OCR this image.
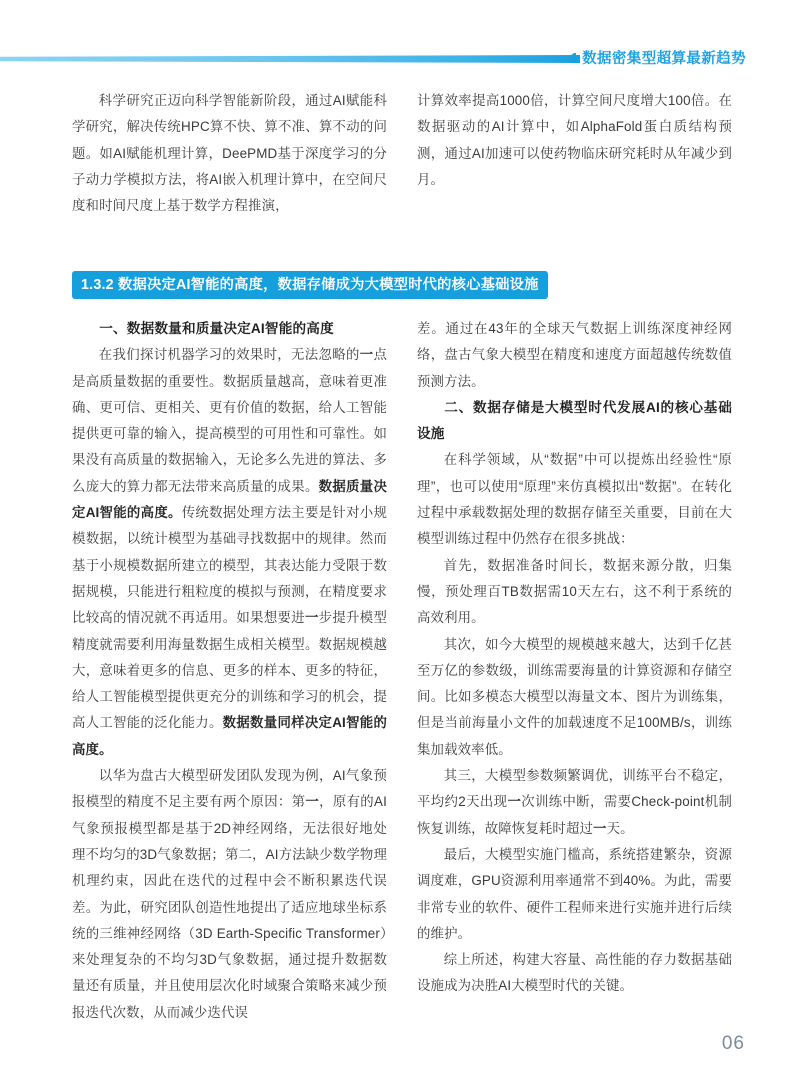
1 数据密集型超算最新趋势

科学研究正迈向科学智能新阶段，通过AI赋能科学研究，解决传统HPC算不快、算不准、算不动的问题。如AI赋能机理计算，DeePMD基于深度学习的分子动力学模拟方法，将AI嵌入机理计算中，在空间尺度和时间尺度上基于数学方程推演，

计算效率提高1000倍，计算空间尺度增大100倍。在数据驱动的AI计算中，如AlphaFold蛋白质结构预测，通过AI加速可以使药物临床研究耗时从年减少到月。

1.3.2 数据决定AI智能的高度，数据存储成为大模型时代的核心基础设施

一、数据数量和质量决定AI智能的高度

在我们探讨机器学习的效果时，无法忽略的一点是高质量数据的重要性。数据质量越高，意味着更准确、更可信、更相关、更有价值的数据，给人工智能提供更可靠的输入，提高模型的可用性和可靠性。如果没有高质量的数据输入，无论多么先进的算法、多么庞大的算力都无法带来高质量的成果。数据质量决定AI智能的高度。传统数据处理方法主要是针对小规模数据，以统计模型为基础寻找数据中的规律。然而基于小规模数据所建立的模型，其表达能力受限于数据规模，只能进行粗粒度的模拟与预测，在精度要求比较高的情况就不再适用。如果想要进一步提升模型精度就需要利用海量数据生成相关模型。数据规模越大，意味着更多的信息、更多的样本、更多的特征，给人工智能模型提供更充分的训练和学习的机会，提高人工智能的泛化能力。数据数量同样决定AI智能的高度。

以华为盘古大模型研发团队发现为例，AI气象预报模型的精度不足主要有两个原因：第一，原有的AI气象预报模型都是基于2D神经网络，无法很好地处理不均匀的3D气象数据；第二，AI方法缺少数学物理机理约束，因此在迭代的过程中会不断积累迭代误差。为此，研究团队创造性地提出了适应地球坐标系统的三维神经网络（3D Earth-Specific Transformer）来处理复杂的不均匀3D气象数据，通过提升数据数量还有质量，并且使用层次化时域聚合策略来减少预报迭代次数，从而减少迭代误

差。通过在43年的全球天气数据上训练深度神经网络，盘古气象大模型在精度和速度方面超越传统数值预测方法。

二、数据存储是大模型时代发展AI的核心基础设施

在科学领域，从“数据”中可以提炼出经验性“原理”，也可以使用“原理”来仿真模拟出“数据”。在转化过程中承载数据处理的数据存储至关重要，目前在大模型训练过程中仍然存在很多挑战：

首先，数据准备时间长，数据来源分散，归集慢，预处理百TB数据需10天左右，这不利于系统的高效利用。

其次，如今大模型的规模越来越大，达到千亿甚至万亿的参数级，训练需要海量的计算资源和存储空间。比如多模态大模型以海量文本、图片为训练集，但是当前海量小文件的加载速度不足100MB/s，训练集加载效率低。

其三，大模型参数频繁调优，训练平台不稳定，平均约2天出现一次训练中断，需要Check-point机制恢复训练，故障恢复耗时超过一天。

最后，大模型实施门槛高，系统搭建繁杂，资源调度难，GPU资源利用率通常不到40%。为此，需要非常专业的软件、硬件工程师来进行实施并进行后续的维护。

综上所述，构建大容量、高性能的存力数据基础设施成为决胜AI大模型时代的关键。

06
